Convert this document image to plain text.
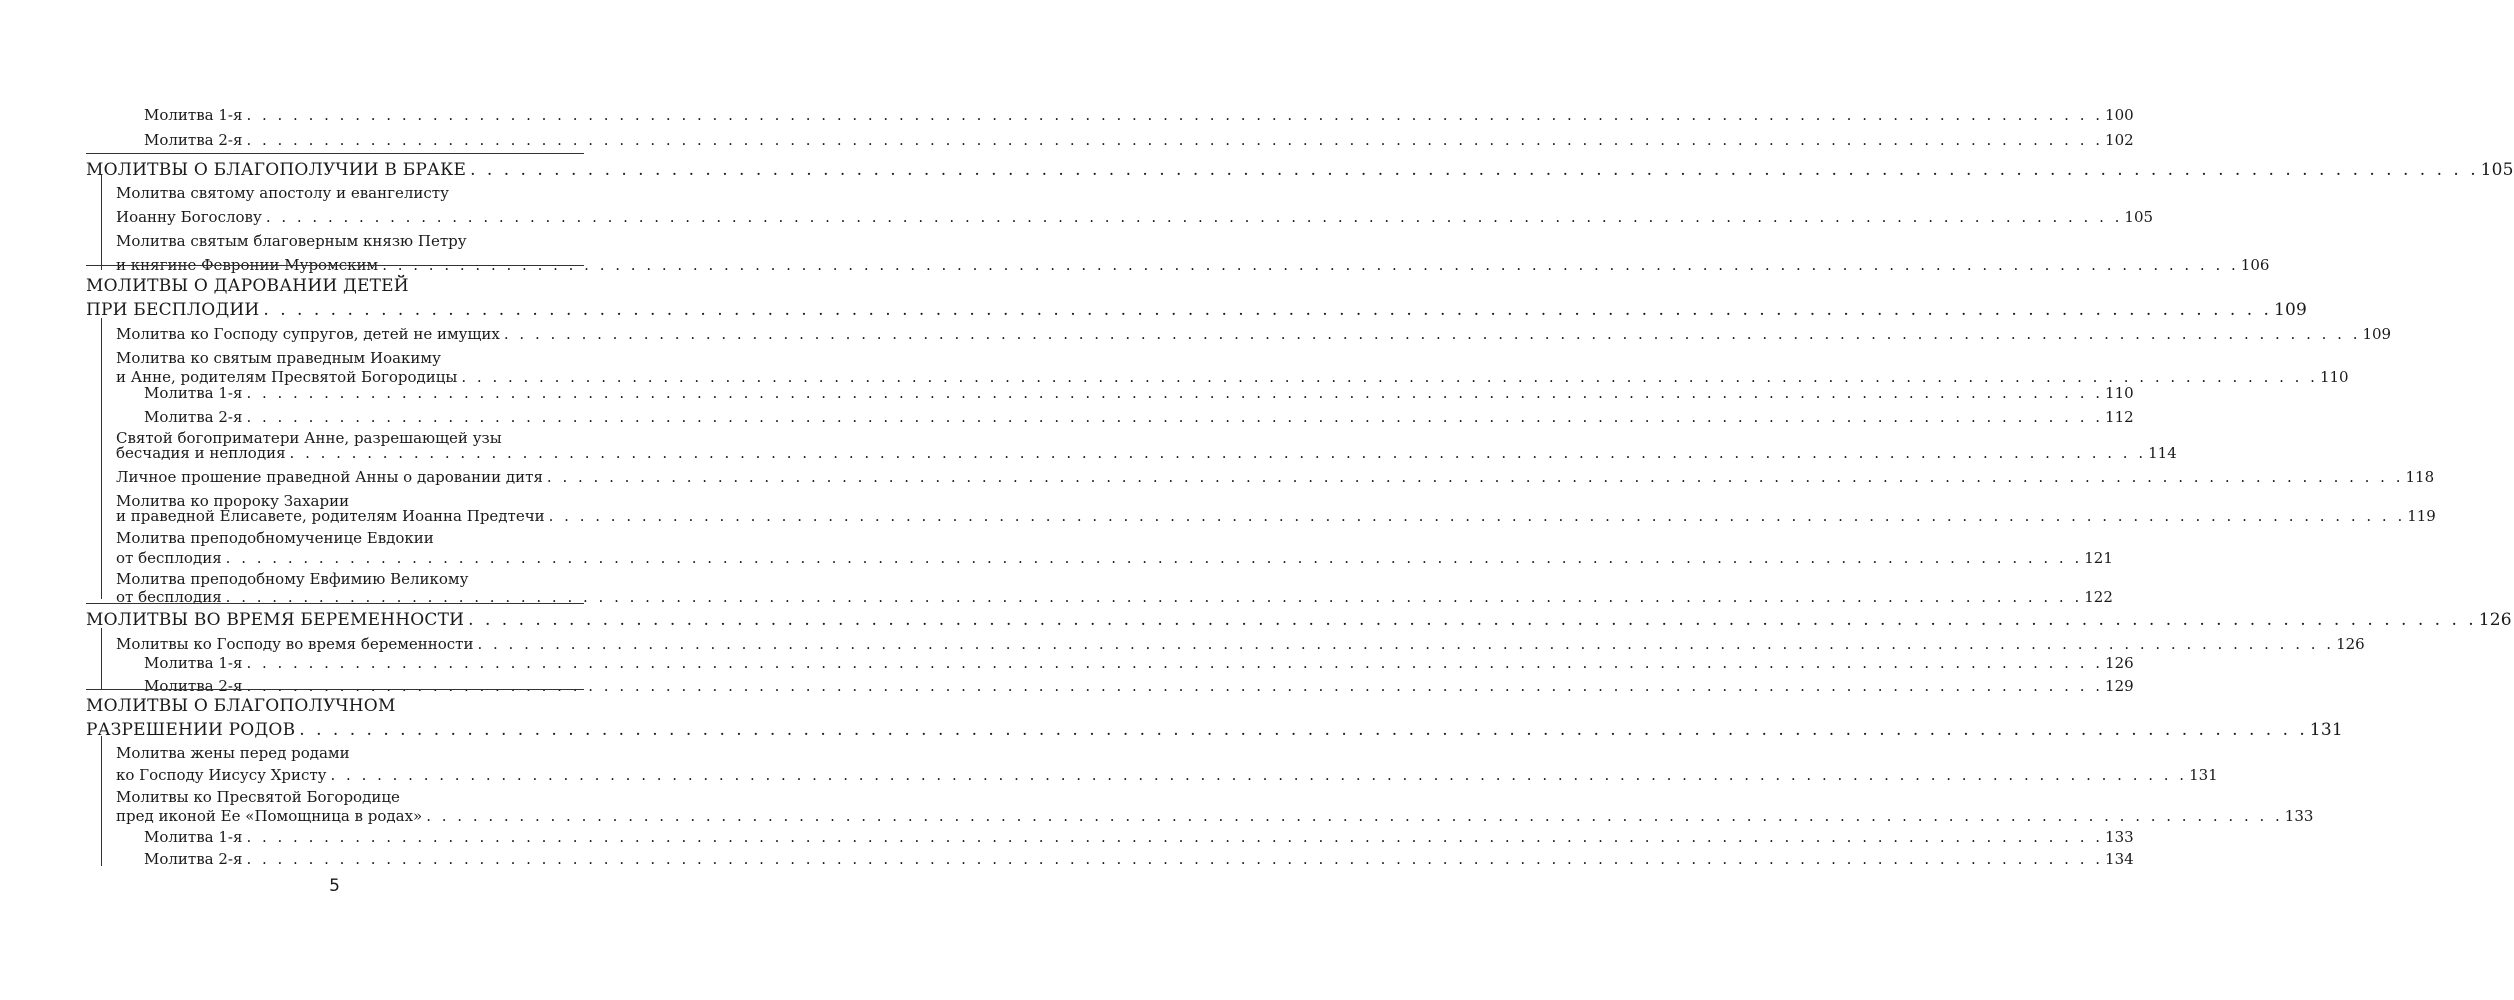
Молитва 1-я . . . . . . . . . . . . . . . . . . . . . . . . . . . . . . . . . . . . . . . . . . . . . . . . . . . . . . . . . . . . . . . . . . . . . . . . . . . . . . . . . . . . . . . . . . . . . . . . . . . . . . . . . . . . . . . . . . . . . . . . 100
Молитва 2-я . . . . . . . . . . . . . . . . . . . . . . . . . . . . . . . . . . . . . . . . . . . . . . . . . . . . . . . . . . . . . . . . . . . . . . . . . . . . . . . . . . . . . . . . . . . . . . . . . . . . . . . . . . . . . . . . . . . . . . . . 102
МОЛИТВЫ О БЛАГОПОЛУЧИИ В БРАКЕ . . . . . . . . . . . . . . . . . . . . . . . . . . . . . . . . . . . . . . . . . . . . . . . . . . . . . . . . . . . . . . . . . . . . . . . . . . . . . . . . . . . . . . . . . . . . . . . . . . . . . . . . . . . . . . . . . . . . . . . . 105
Молитва святому апостолу и евангелисту
Иоанну Богослову . . . . . . . . . . . . . . . . . . . . . . . . . . . . . . . . . . . . . . . . . . . . . . . . . . . . . . . . . . . . . . . . . . . . . . . . . . . . . . . . . . . . . . . . . . . . . . . . . . . . . . . . . . . . . . . . . . . . . . . . 105
Молитва святым благоверным князю Петру
и княгине Февронии Муромским . . . . . . . . . . . . . . . . . . . . . . . . . . . . . . . . . . . . . . . . . . . . . . . . . . . . . . . . . . . . . . . . . . . . . . . . . . . . . . . . . . . . . . . . . . . . . . . . . . . . . . . . . . . . . . . . . . . . . . . . 106
МОЛИТВЫ О ДАРОВАНИИ ДЕТЕЙ
ПРИ БЕСПЛОДИИ . . . . . . . . . . . . . . . . . . . . . . . . . . . . . . . . . . . . . . . . . . . . . . . . . . . . . . . . . . . . . . . . . . . . . . . . . . . . . . . . . . . . . . . . . . . . . . . . . . . . . . . . . . . . . . . . . . . . . . . . 109
Молитва ко Господу супругов, детей не имущих . . . . . . . . . . . . . . . . . . . . . . . . . . . . . . . . . . . . . . . . . . . . . . . . . . . . . . . . . . . . . . . . . . . . . . . . . . . . . . . . . . . . . . . . . . . . . . . . . . . . . . . . . . . . . . . . . . . . . . . . 109
Молитва ко святым праведным Иоакиму
и Анне, родителям Пресвятой Богородицы . . . . . . . . . . . . . . . . . . . . . . . . . . . . . . . . . . . . . . . . . . . . . . . . . . . . . . . . . . . . . . . . . . . . . . . . . . . . . . . . . . . . . . . . . . . . . . . . . . . . . . . . . . . . . . . . . . . . . . . . 110
Молитва 1-я . . . . . . . . . . . . . . . . . . . . . . . . . . . . . . . . . . . . . . . . . . . . . . . . . . . . . . . . . . . . . . . . . . . . . . . . . . . . . . . . . . . . . . . . . . . . . . . . . . . . . . . . . . . . . . . . . . . . . . . . 110
Молитва 2-я . . . . . . . . . . . . . . . . . . . . . . . . . . . . . . . . . . . . . . . . . . . . . . . . . . . . . . . . . . . . . . . . . . . . . . . . . . . . . . . . . . . . . . . . . . . . . . . . . . . . . . . . . . . . . . . . . . . . . . . . 112
Святой богоприматери Анне, разрешающей узы
бесчадия и неплодия . . . . . . . . . . . . . . . . . . . . . . . . . . . . . . . . . . . . . . . . . . . . . . . . . . . . . . . . . . . . . . . . . . . . . . . . . . . . . . . . . . . . . . . . . . . . . . . . . . . . . . . . . . . . . . . . . . . . . . . . 114
Личное прошение праведной Анны о даровании дитя . . . . . . . . . . . . . . . . . . . . . . . . . . . . . . . . . . . . . . . . . . . . . . . . . . . . . . . . . . . . . . . . . . . . . . . . . . . . . . . . . . . . . . . . . . . . . . . . . . . . . . . . . . . . . . . . . . . . . . . . 118
Молитва ко пророку Захарии
и праведной Елисавете, родителям Иоанна Предтечи . . . . . . . . . . . . . . . . . . . . . . . . . . . . . . . . . . . . . . . . . . . . . . . . . . . . . . . . . . . . . . . . . . . . . . . . . . . . . . . . . . . . . . . . . . . . . . . . . . . . . . . . . . . . . . . . . . . . . . . . 119
Молитва преподобномученице Евдокии
от бесплодия . . . . . . . . . . . . . . . . . . . . . . . . . . . . . . . . . . . . . . . . . . . . . . . . . . . . . . . . . . . . . . . . . . . . . . . . . . . . . . . . . . . . . . . . . . . . . . . . . . . . . . . . . . . . . . . . . . . . . . . . 121
Молитва преподобному Евфимию Великому
от бесплодия . . . . . . . . . . . . . . . . . . . . . . . . . . . . . . . . . . . . . . . . . . . . . . . . . . . . . . . . . . . . . . . . . . . . . . . . . . . . . . . . . . . . . . . . . . . . . . . . . . . . . . . . . . . . . . . . . . . . . . . . 122
МОЛИТВЫ ВО ВРЕМЯ БЕРЕМЕННОСТИ . . . . . . . . . . . . . . . . . . . . . . . . . . . . . . . . . . . . . . . . . . . . . . . . . . . . . . . . . . . . . . . . . . . . . . . . . . . . . . . . . . . . . . . . . . . . . . . . . . . . . . . . . . . . . . . . . . . . . . . . 126
Молитвы ко Господу во время беременности . . . . . . . . . . . . . . . . . . . . . . . . . . . . . . . . . . . . . . . . . . . . . . . . . . . . . . . . . . . . . . . . . . . . . . . . . . . . . . . . . . . . . . . . . . . . . . . . . . . . . . . . . . . . . . . . . . . . . . . . 126
Молитва 1-я . . . . . . . . . . . . . . . . . . . . . . . . . . . . . . . . . . . . . . . . . . . . . . . . . . . . . . . . . . . . . . . . . . . . . . . . . . . . . . . . . . . . . . . . . . . . . . . . . . . . . . . . . . . . . . . . . . . . . . . . 126
Молитва 2-я . . . . . . . . . . . . . . . . . . . . . . . . . . . . . . . . . . . . . . . . . . . . . . . . . . . . . . . . . . . . . . . . . . . . . . . . . . . . . . . . . . . . . . . . . . . . . . . . . . . . . . . . . . . . . . . . . . . . . . . . 129
МОЛИТВЫ О БЛАГОПОЛУЧНОМ
РАЗРЕШЕНИИ РОДОВ . . . . . . . . . . . . . . . . . . . . . . . . . . . . . . . . . . . . . . . . . . . . . . . . . . . . . . . . . . . . . . . . . . . . . . . . . . . . . . . . . . . . . . . . . . . . . . . . . . . . . . . . . . . . . . . . . . . . . . . . 131
Молитва жены перед родами
ко Господу Иисусу Христу . . . . . . . . . . . . . . . . . . . . . . . . . . . . . . . . . . . . . . . . . . . . . . . . . . . . . . . . . . . . . . . . . . . . . . . . . . . . . . . . . . . . . . . . . . . . . . . . . . . . . . . . . . . . . . . . . . . . . . . . 131
Молитвы ко Пресвятой Богородице
пред иконой Ее «Помощница в родах» . . . . . . . . . . . . . . . . . . . . . . . . . . . . . . . . . . . . . . . . . . . . . . . . . . . . . . . . . . . . . . . . . . . . . . . . . . . . . . . . . . . . . . . . . . . . . . . . . . . . . . . . . . . . . . . . . . . . . . . . 133
Молитва 1-я . . . . . . . . . . . . . . . . . . . . . . . . . . . . . . . . . . . . . . . . . . . . . . . . . . . . . . . . . . . . . . . . . . . . . . . . . . . . . . . . . . . . . . . . . . . . . . . . . . . . . . . . . . . . . . . . . . . . . . . . 133
Молитва 2-я . . . . . . . . . . . . . . . . . . . . . . . . . . . . . . . . . . . . . . . . . . . . . . . . . . . . . . . . . . . . . . . . . . . . . . . . . . . . . . . . . . . . . . . . . . . . . . . . . . . . . . . . . . . . . . . . . . . . . . . . 134
5
